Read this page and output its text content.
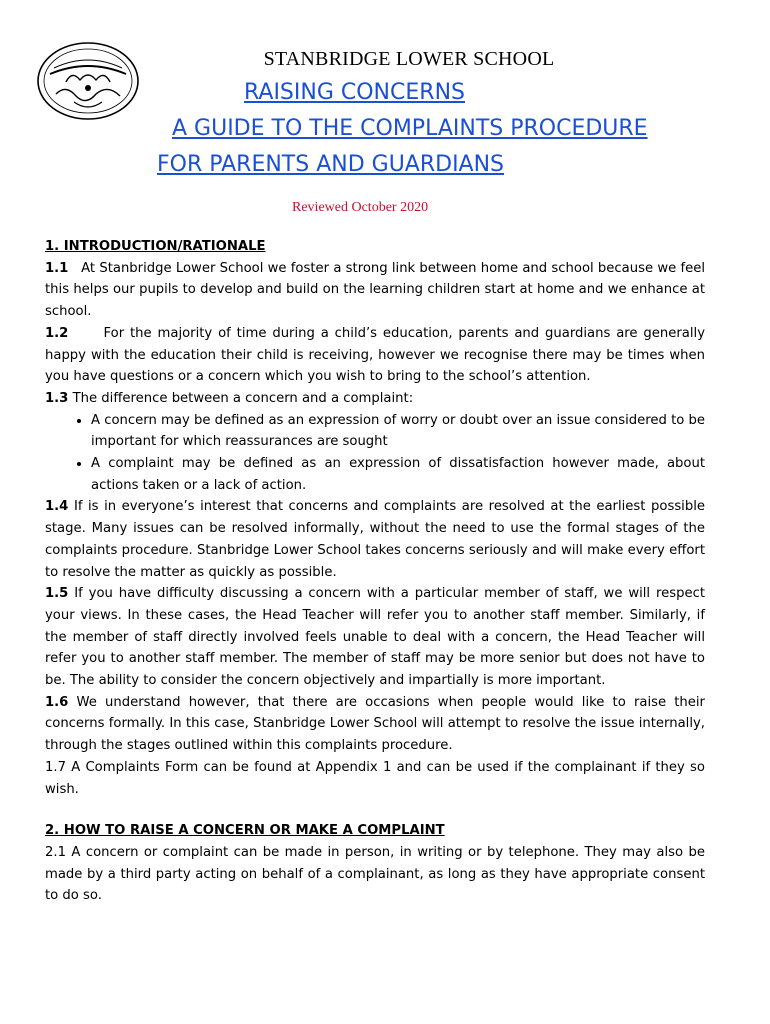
STANBRIDGE LOWER SCHOOL
RAISING CONCERNS
A GUIDE TO THE COMPLAINTS PROCEDURE
FOR PARENTS AND GUARDIANS
Reviewed October 2020

1. INTRODUCTION/RATIONALE

1.1 At Stanbridge Lower School we foster a strong link between home and school because we feel this helps our pupils to develop and build on the learning children start at home and we enhance at school.

1.2	For the majority of time during a child’s education, parents and guardians are generally happy with the education their child is receiving, however we recognise there may be times when you have questions or a concern which you wish to bring to the school’s attention.

1.3 The difference between a concern and a complaint:

• A concern may be defined as an expression of worry or doubt over an issue considered to be important for which reassurances are sought
• A complaint may be defined as an expression of dissatisfaction however made, about actions taken or a lack of action.

1.4 If is in everyone’s interest that concerns and complaints are resolved at the earliest possible stage. Many issues can be resolved informally, without the need to use the formal stages of the complaints procedure. Stanbridge Lower School takes concerns seriously and will make every effort to resolve the matter as quickly as possible.

1.5 If you have difficulty discussing a concern with a particular member of staff, we will respect your views. In these cases, the Head Teacher will refer you to another staff member. Similarly, if the member of staff directly involved feels unable to deal with a concern, the Head Teacher will refer you to another staff member. The member of staff may be more senior but does not have to be. The ability to consider the concern objectively and impartially is more important.

1.6 We understand however, that there are occasions when people would like to raise their concerns formally. In this case, Stanbridge Lower School will attempt to resolve the issue internally, through the stages outlined within this complaints procedure.

1.7 A Complaints Form can be found at Appendix 1 and can be used if the complainant if they so wish.

2. HOW TO RAISE A CONCERN OR MAKE A COMPLAINT

2.1 A concern or complaint can be made in person, in writing or by telephone. They may also be made by a third party acting on behalf of a complainant, as long as they have appropriate consent to do so.
